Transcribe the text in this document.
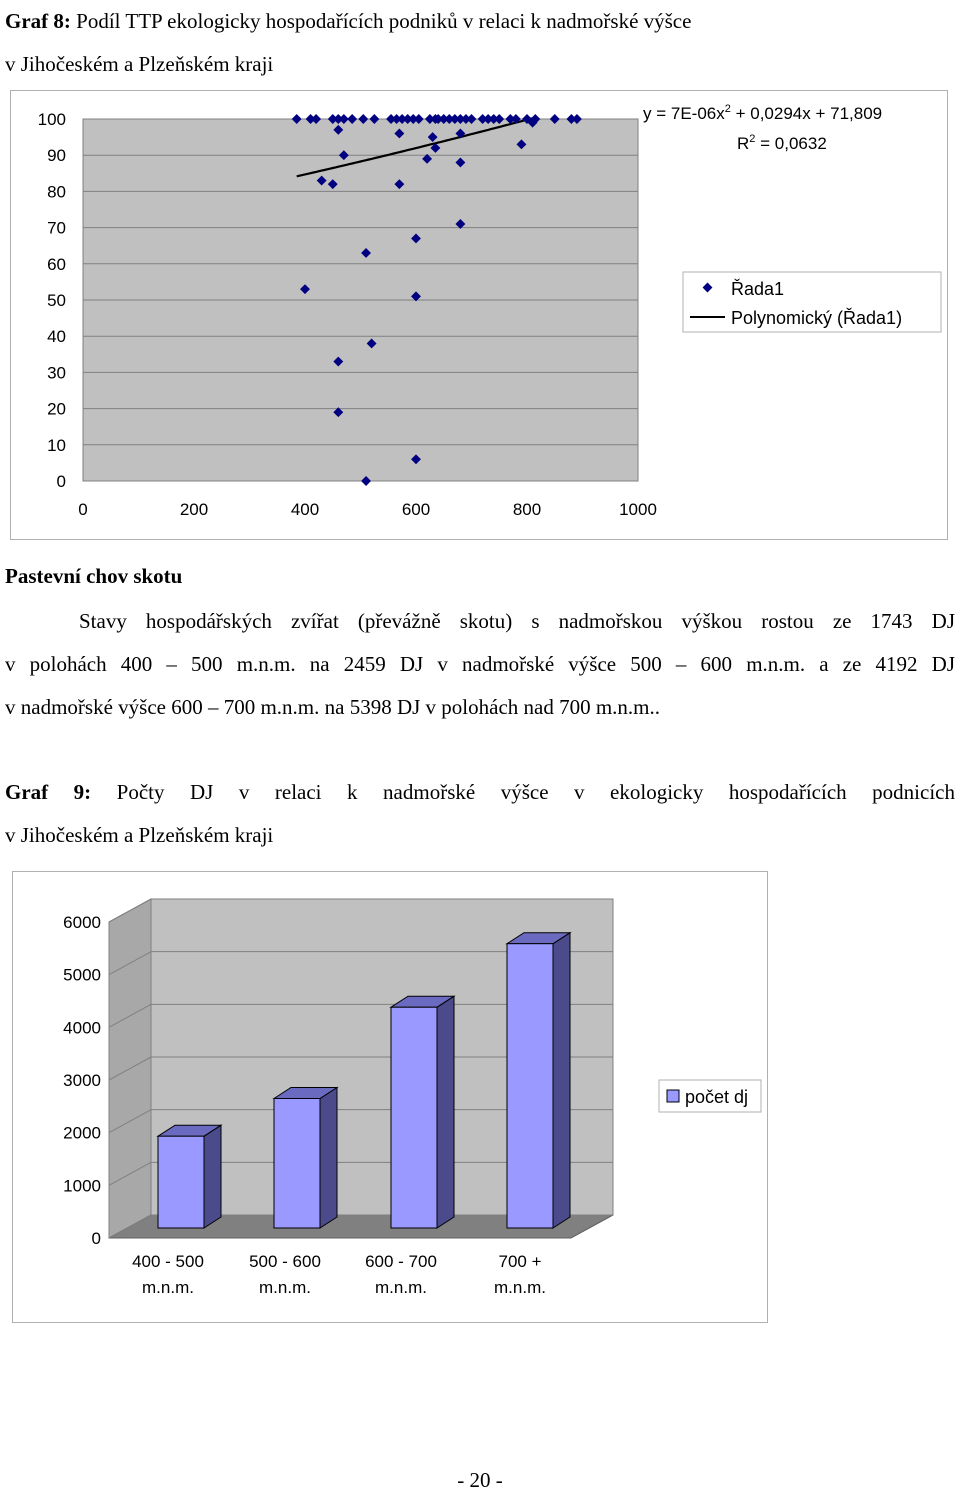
Graf 8: Podíl TTP ekologicky hospodařících podniků v relaci k nadmořské výšce
v Jihočeském a Plzeňském kraji
0
10
20
30
40
50
60
70
80
90
100
0	200	400	600	800	1000
$y = 7E-06x^2 + 0,0294x + 71,809$
$R^2 = 0,0632$
Řada1
Polynomický (Řada1)
Pastevní chov skotu
Stavy hospodářských zvířat (převážně skotu) s nadmořskou výškou rostou ze 1743 DJ
v polohách 400 – 500 m.n.m. na 2459 DJ v nadmořské výšce 500 – 600 m.n.m. a ze 4192 DJ
v nadmořské výšce 600 – 700 m.n.m. na 5398 DJ v polohách nad 700 m.n.m..
Graf 9: Počty DJ v relaci k nadmořské výšce v ekologicky hospodařících podnicích
v Jihočeském a Plzeňském kraji
0
1000
2000
3000
4000
5000
6000
400 - 500 m.n.m.
500 - 600 m.n.m.
600 - 700 m.n.m.
700 + m.n.m.
počet dj
- 20 -
